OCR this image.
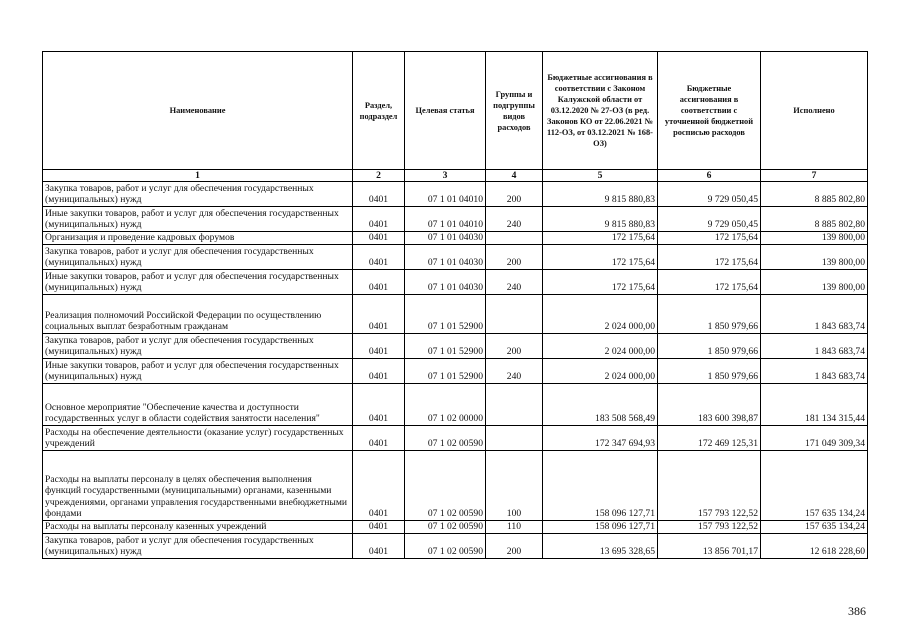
Наименование	Раздел, подраздел	Целевая статья	Группы и подгруппы видов расходов	Бюджетные ассигнования в соответствии с Законом Калужской области от 03.12.2020 № 27-ОЗ (в ред. Законов КО от 22.06.2021 № 112-ОЗ, от 03.12.2021 № 168-ОЗ)	Бюджетные ассигнования в соответствии с уточненной бюджетной росписью расходов	Исполнено
1	2	3	4	5	6	7
Закупка товаров, работ и услуг для обеспечения государственных (муниципальных) нужд	0401	07 1 01 04010	200	9 815 880,83	9 729 050,45	8 885 802,80
Иные закупки товаров, работ и услуг для обеспечения государственных (муниципальных) нужд	0401	07 1 01 04010	240	9 815 880,83	9 729 050,45	8 885 802,80
Организация и проведение кадровых форумов	0401	07 1 01 04030		172 175,64	172 175,64	139 800,00
Закупка товаров, работ и услуг для обеспечения государственных (муниципальных) нужд	0401	07 1 01 04030	200	172 175,64	172 175,64	139 800,00
Иные закупки товаров, работ и услуг для обеспечения государственных (муниципальных) нужд	0401	07 1 01 04030	240	172 175,64	172 175,64	139 800,00
Реализация полномочий Российской Федерации по осуществлению социальных выплат безработным гражданам	0401	07 1 01 52900		2 024 000,00	1 850 979,66	1 843 683,74
Закупка товаров, работ и услуг для обеспечения государственных (муниципальных) нужд	0401	07 1 01 52900	200	2 024 000,00	1 850 979,66	1 843 683,74
Иные закупки товаров, работ и услуг для обеспечения государственных (муниципальных) нужд	0401	07 1 01 52900	240	2 024 000,00	1 850 979,66	1 843 683,74
Основное мероприятие "Обеспечение качества и доступности государственных услуг в области содействия занятости населения"	0401	07 1 02 00000		183 508 568,49	183 600 398,87	181 134 315,44
Расходы на обеспечение деятельности (оказание услуг) государственных учреждений	0401	07 1 02 00590		172 347 694,93	172 469 125,31	171 049 309,34
Расходы на выплаты персоналу в целях обеспечения выполнения функций государственными (муниципальными) органами, казенными учреждениями, органами управления государственными внебюджетными фондами	0401	07 1 02 00590	100	158 096 127,71	157 793 122,52	157 635 134,24
Расходы на выплаты персоналу казенных учреждений	0401	07 1 02 00590	110	158 096 127,71	157 793 122,52	157 635 134,24
Закупка товаров, работ и услуг для обеспечения государственных (муниципальных) нужд	0401	07 1 02 00590	200	13 695 328,65	13 856 701,17	12 618 228,60
386
